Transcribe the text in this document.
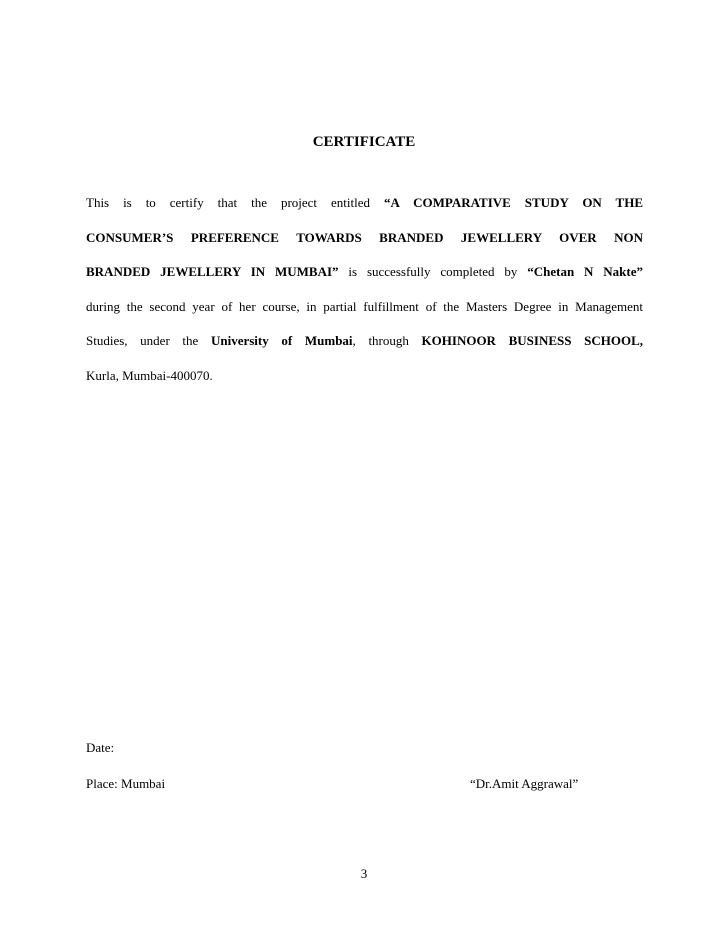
CERTIFICATE
This is to certify that the project entitled “A COMPARATIVE STUDY ON THE
CONSUMER’S PREFERENCE TOWARDS BRANDED JEWELLERY OVER NON
BRANDED JEWELLERY IN MUMBAI” is successfully completed by “Chetan N Nakte”
during the second year of her course, in partial fulfillment of the Masters Degree in Management
Studies, under the University of Mumbai, through KOHINOOR BUSINESS SCHOOL,
Kurla, Mumbai-400070.
Date:
Place: Mumbai	“Dr.Amit Aggrawal”
3
